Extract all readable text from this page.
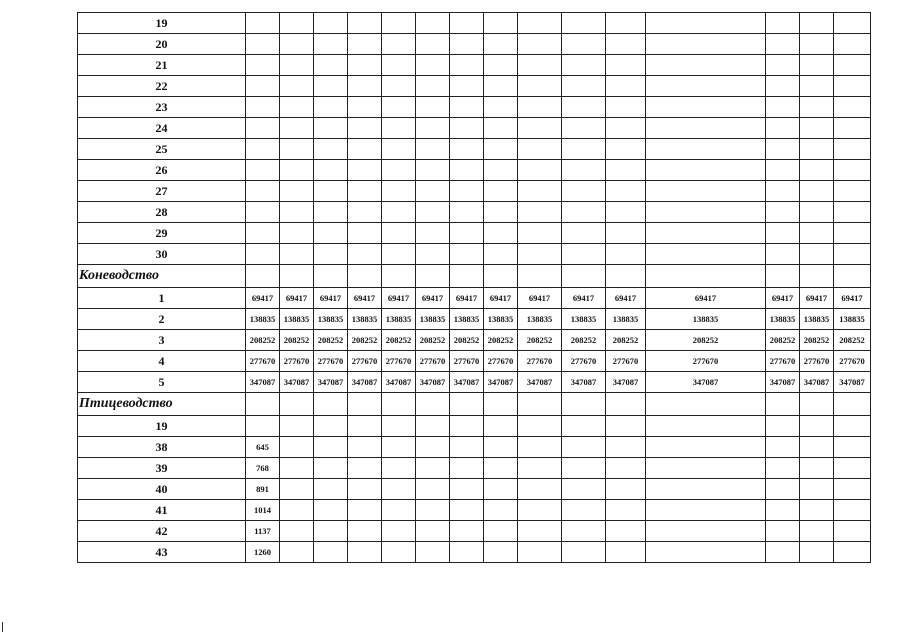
19															
20															
21															
22															
23															
24															
25															
26															
27															
28															
29															
30															
Коневодство															
1	69417	69417	69417	69417	69417	69417	69417	69417	69417	69417	69417	69417	69417	69417	69417
2	138835	138835	138835	138835	138835	138835	138835	138835	138835	138835	138835	138835	138835	138835	138835
3	208252	208252	208252	208252	208252	208252	208252	208252	208252	208252	208252	208252	208252	208252	208252
4	277670	277670	277670	277670	277670	277670	277670	277670	277670	277670	277670	277670	277670	277670	277670
5	347087	347087	347087	347087	347087	347087	347087	347087	347087	347087	347087	347087	347087	347087	347087
Птицеводство															
19															
38	645														
39	768														
40	891														
41	1014														
42	1137														
43	1260														
